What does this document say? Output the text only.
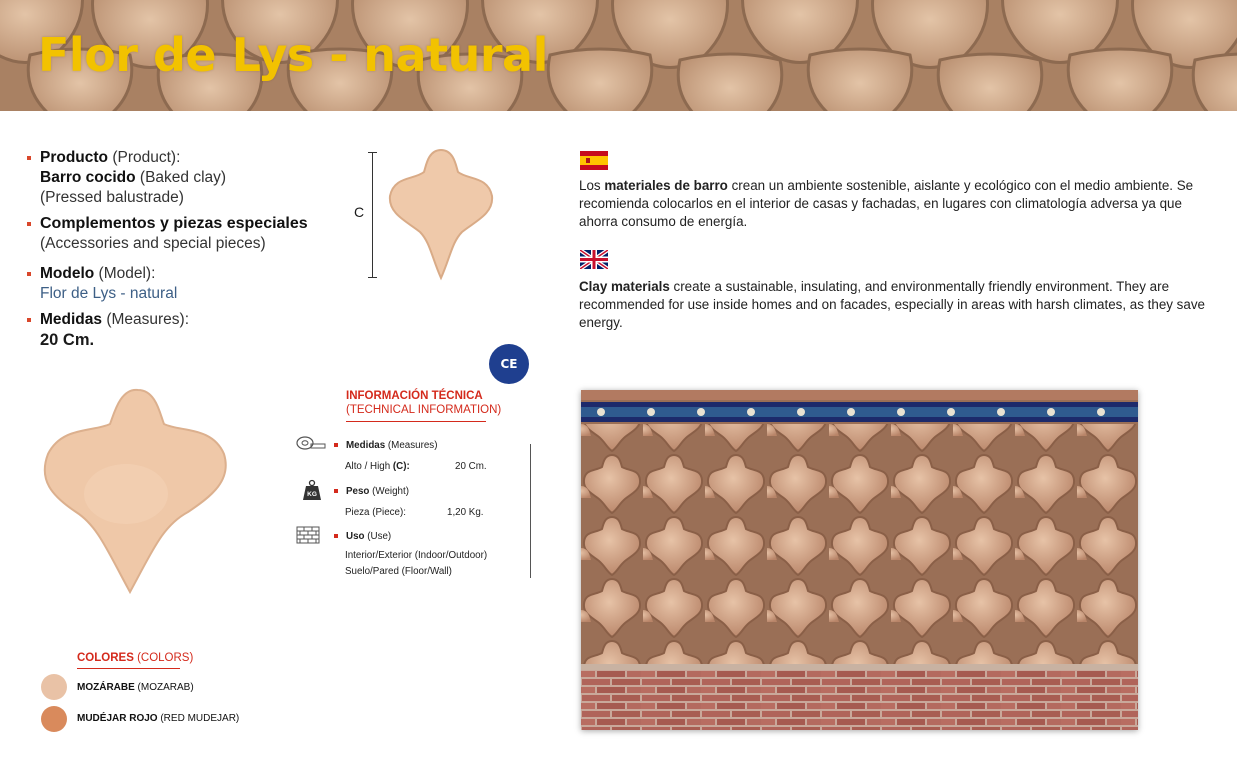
Flor de Lys - natural
Producto (Product):
Barro cocido (Baked clay)
(Pressed balustrade)
Complementos y piezas especiales
(Accessories and special pieces)
Modelo (Model):
Flor de Lys - natural
Medidas (Measures):
20 Cm.
C
Los materiales de barro crean un ambiente sostenible, aislante y ecológico con el medio ambiente. Se recomienda colocarlos en el interior de casas y fachadas, en lugares con climatología adversa ya que ahorra consumo de energía.
Clay materials create a sustainable, insulating, and environmentally friendly environment. They are recommended for use inside homes and on facades, especially in areas with harsh climates, as they save energy.
CE
INFORMACIÓN TÉCNICA
(TECHNICAL INFORMATION)
Medidas (Measures)
Alto / High (C):	20 Cm.
KG	Peso (Weight)
Pieza (Piece):	1,20 Kg.
Uso (Use)
Interior/Exterior (Indoor/Outdoor)
Suelo/Pared (Floor/Wall)
COLORES (COLORS)
MOZÁRABE (MOZARAB)
MUDÉJAR ROJO (RED MUDEJAR)
